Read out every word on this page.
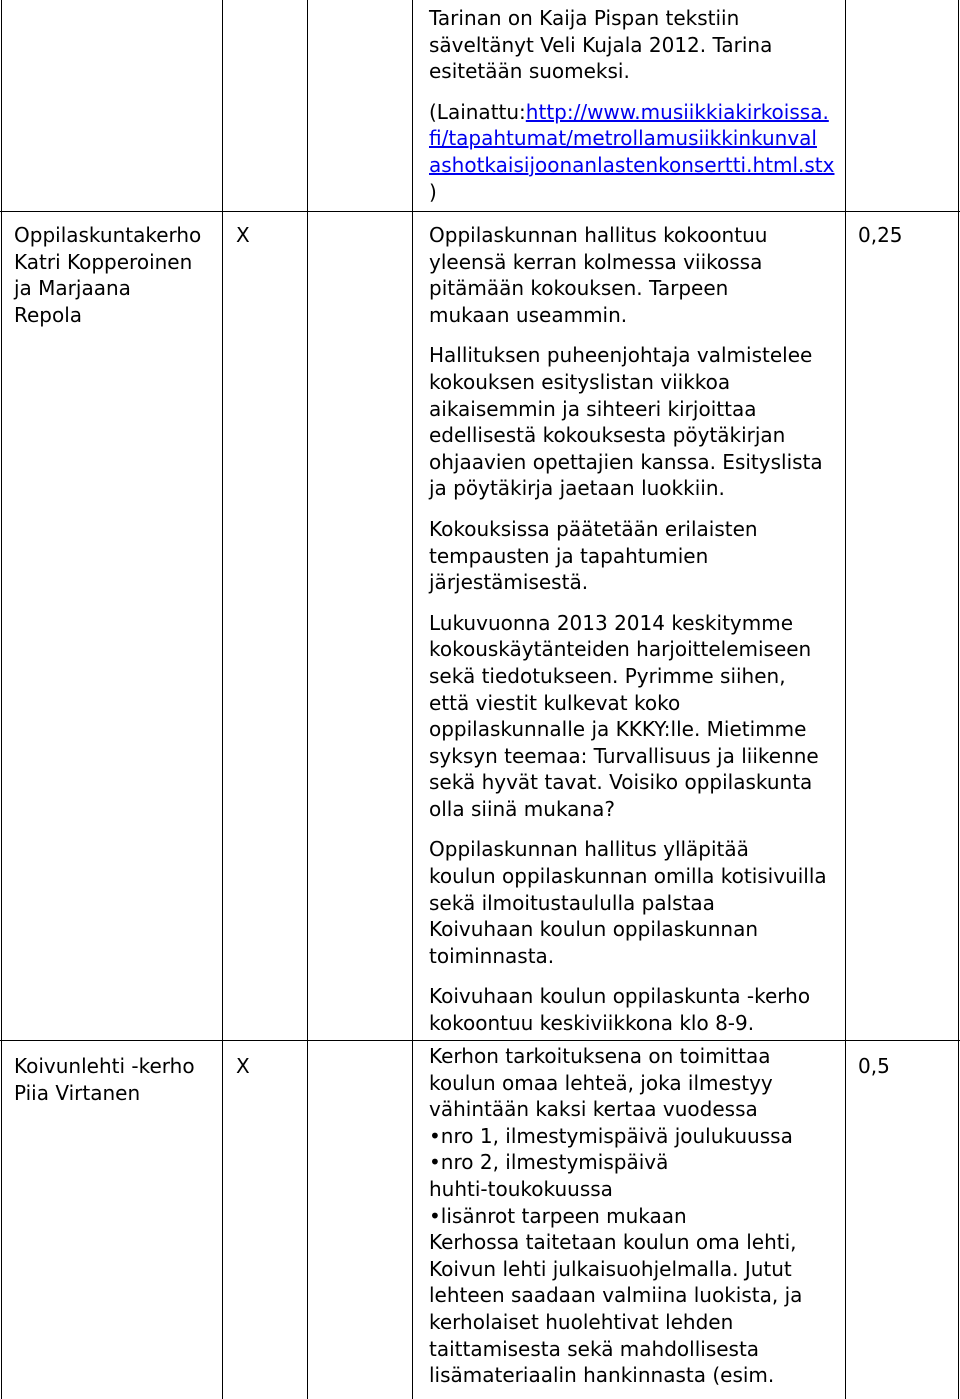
Tarinan on Kaija Pispan tekstiin

säveltänyt Veli Kujala 2012. Tarina

esitetään suomeksi.

(Lainattu:http://www.musiikkiakirkoissa.

fi/tapahtumat/metrollamusiikkinkunval

ashotkaisijoonanlastenkonsertti.html.stx

)

Oppilaskuntakerho
Katri Kopperoinen
ja Marjaana
Repola
X	0,25

Oppilaskunnan hallitus kokoontuu

yleensä kerran kolmessa viikossa

pitämään kokouksen. Tarpeen

mukaan useammin.

Hallituksen puheenjohtaja valmistelee

kokouksen esityslistan viikkoa

aikaisemmin ja sihteeri kirjoittaa

edellisestä kokouksesta pöytäkirjan

ohjaavien opettajien kanssa. Esityslista

ja pöytäkirja jaetaan luokkiin.

Kokouksissa päätetään erilaisten

tempausten ja tapahtumien

järjestämisestä.

Lukuvuonna 2013 2014 keskitymme

kokouskäytänteiden harjoittelemiseen

sekä tiedotukseen. Pyrimme siihen,

että viestit kulkevat koko

oppilaskunnalle ja KKKY:lle. Mietimme

syksyn teemaa: Turvallisuus ja liikenne

sekä hyvät tavat. Voisiko oppilaskunta

olla siinä mukana?

Oppilaskunnan hallitus ylläpitää

koulun oppilaskunnan omilla kotisivuilla

sekä ilmoitustaululla palstaa

Koivuhaan koulun oppilaskunnan

toiminnasta.

Koivuhaan koulun oppilaskunta -kerho

kokoontuu keskiviikkona klo 8-9.

Koivunlehti -kerho
Piia Virtanen
X	0,5

Kerhon tarkoituksena on toimittaa

koulun omaa lehteä, joka ilmestyy

vähintään kaksi kertaa vuodessa

•nro 1, ilmestymispäivä joulukuussa

•nro 2, ilmestymispäivä

huhti-toukokuussa

•lisänrot tarpeen mukaan

Kerhossa taitetaan koulun oma lehti,

Koivun lehti julkaisuohjelmalla. Jutut

lehteen saadaan valmiina luokista, ja

kerholaiset huolehtivat lehden

taittamisesta sekä mahdollisesta

lisämateriaalin hankinnasta (esim.
